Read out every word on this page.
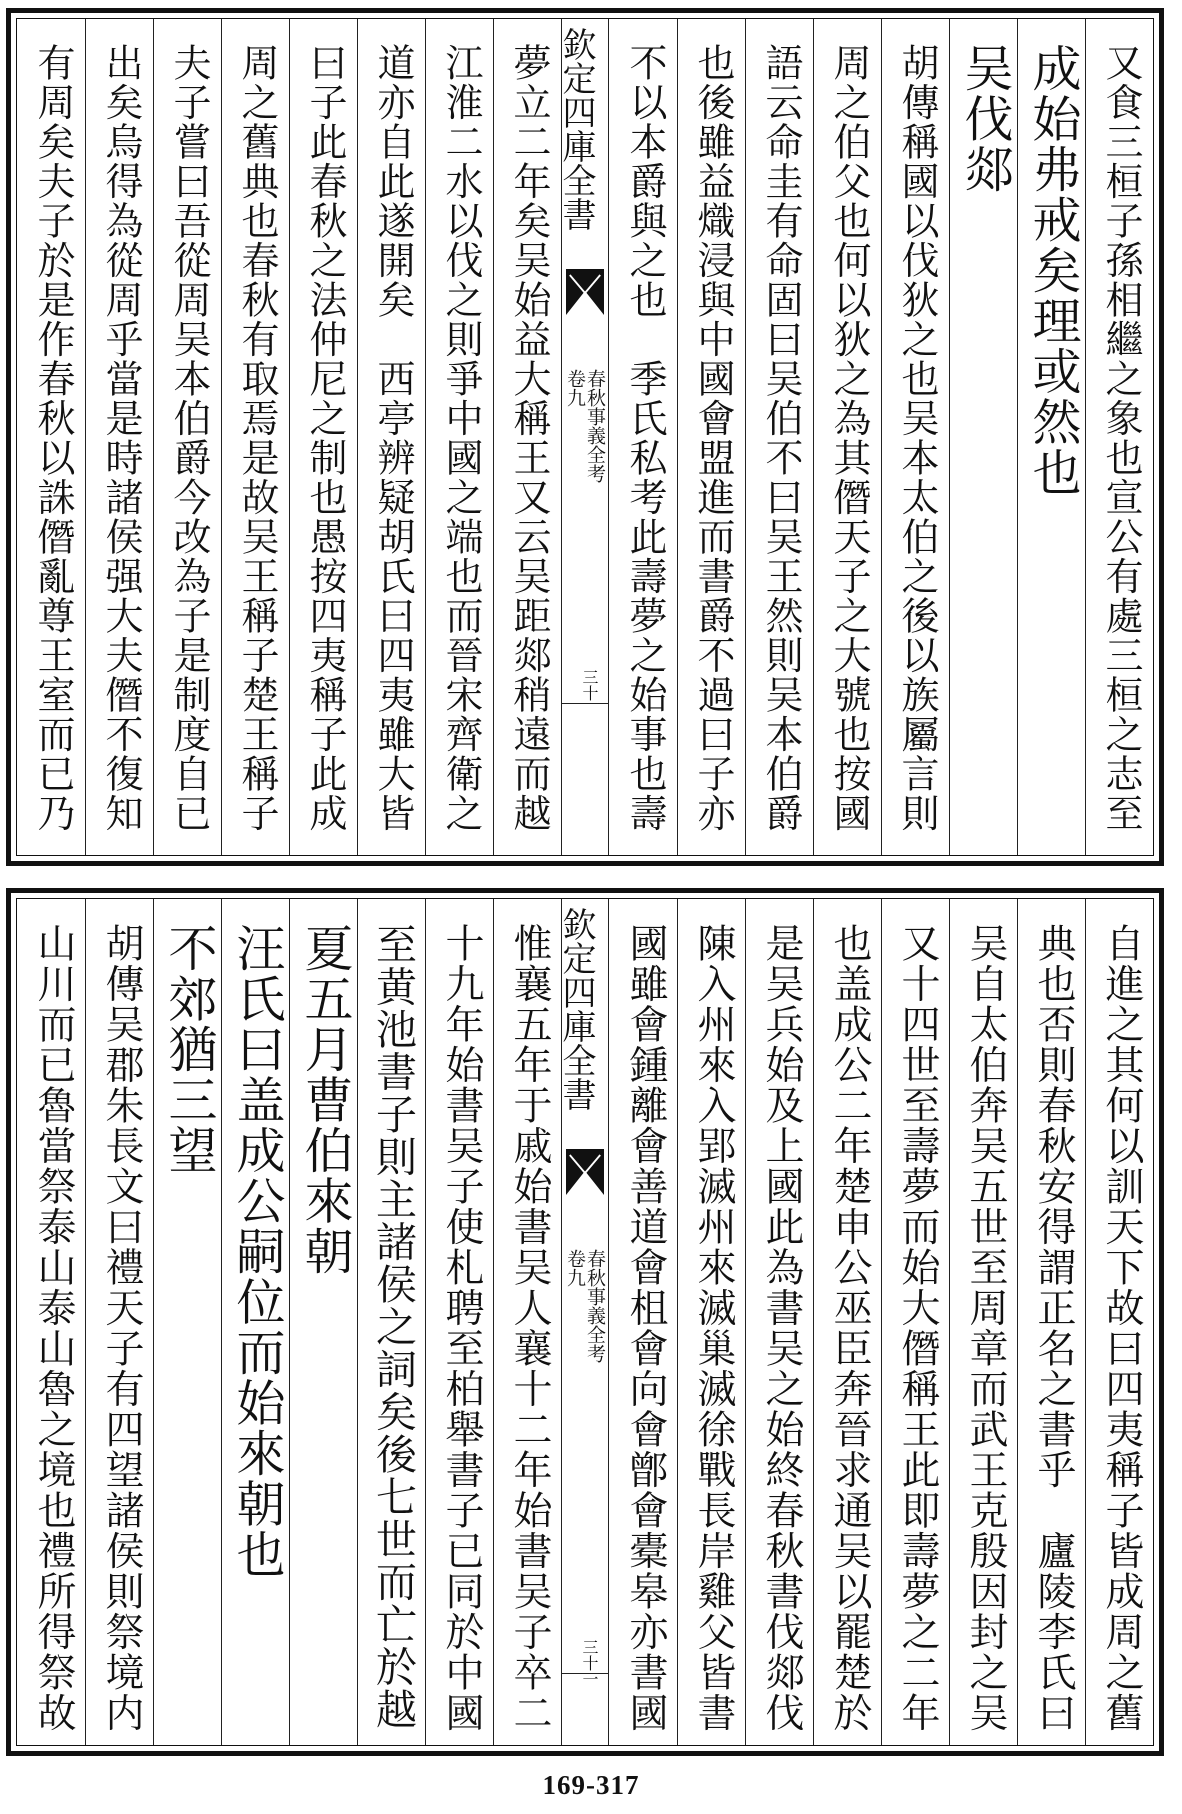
夢立二年矣吴始益大稱王又云吴距郯稍遠而越
江淮二水以伐之則爭中國之端也而晉宋齊衛之
道亦自此遂開矣　西亭辨疑胡氏曰四夷雖大皆
曰子此春秋之法仲尼之制也愚按四夷稱子此成
周之舊典也春秋有取焉是故吴王稱子楚王稱子
夫子嘗曰吾從周吴本伯爵今改為子是制度自已
出矣烏得為從周乎當是時諸侯强大夫僭不復知
有周矣夫子於是作春秋以誅僭亂尊王室而已乃	欽定四庫全書
春秋事義全考
卷九
三十	又食三桓子孫相繼之象也宣公有處三桓之志至
成始弗戒矣理或然也
吴伐郯
胡傳稱國以伐狄之也吴本太伯之後以族屬言則
周之伯父也何以狄之為其僭天子之大號也按國
語云命圭有命固曰吴伯不曰吴王然則吴本伯爵
也後雖益熾浸與中國會盟進而書爵不過曰子亦
不以本爵與之也　季氏私考此壽夢之始事也壽
惟襄五年于戚始書吴人襄十二年始書吴子卒二
十九年始書吴子使札聘至柏舉書子已同於中國
至黄池書子則主諸侯之詞矣後七世而亡於越
夏五月曹伯來朝
汪氏曰盖成公嗣位而始來朝也
不郊猶三望
胡傳吴郡朱長文曰禮天子有四望諸侯則祭境内
山川而已魯當祭泰山泰山魯之境也禮所得祭故	欽定四庫全書
春秋事義全考
卷九
三十一	自進之其何以訓天下故曰四夷稱子皆成周之舊
典也否則春秋安得謂正名之書乎　廬陵李氏曰
吴自太伯奔吴五世至周章而武王克殷因封之吴
又十四世至壽夢而始大僭稱王此即壽夢之二年
也盖成公二年楚申公巫臣奔晉求通吴以罷楚於
是吴兵始及上國此為書吴之始終春秋書伐郯伐
陳入州來入郢滅州來滅巢滅徐戰長岸雞父皆書
國雖會鍾離會善道會柤會向會鄫會橐皋亦書國
169-317
